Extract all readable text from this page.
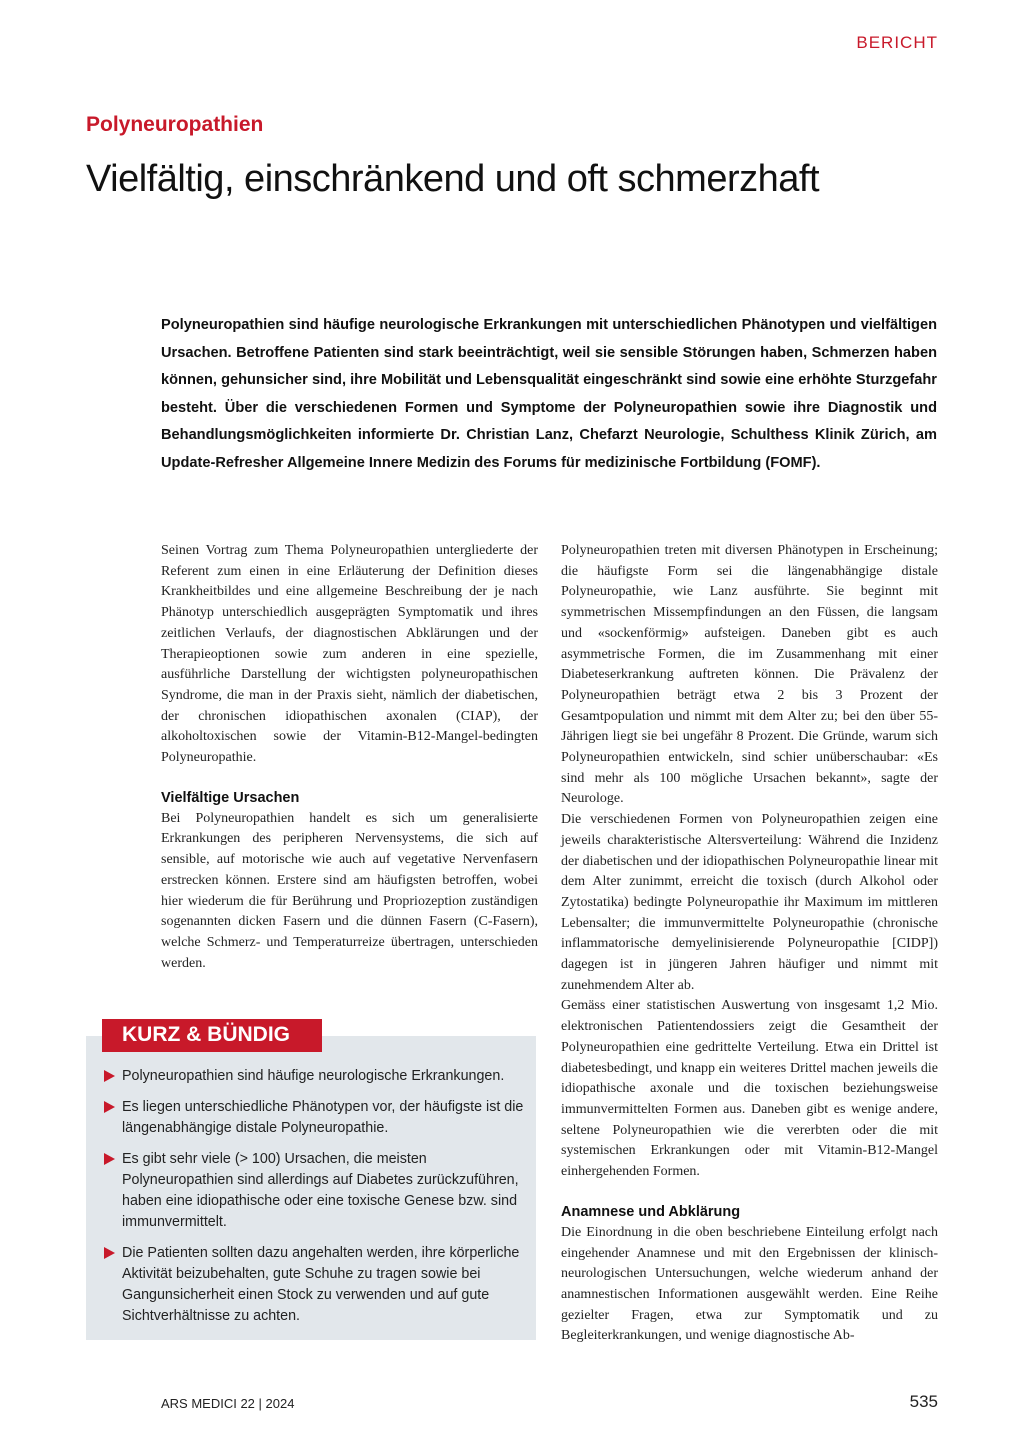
BERICHT
Polyneuropathien
Vielfältig, einschränkend und oft schmerzhaft
Polyneuropathien sind häufige neurologische Erkrankungen mit unterschiedlichen Phänotypen und vielfältigen Ursachen. Betroffene Patienten sind stark beeinträchtigt, weil sie sensible Störungen haben, Schmerzen haben können, gehunsicher sind, ihre Mobilität und Lebensqualität eingeschränkt sind sowie eine erhöhte Sturzgefahr besteht. Über die verschiedenen Formen und Symptome der Polyneuropathien sowie ihre Diagnostik und Behandlungsmöglichkeiten informierte Dr. Christian Lanz, Chefarzt Neurologie, Schulthess Klinik Zürich, am Update-Refresher Allgemeine Innere Medizin des Forums für medizinische Fortbildung (FOMF).

Seinen Vortrag zum Thema Polyneuropathien untergliederte der Referent zum einen in eine Erläuterung der Definition dieses Krankheitbildes und eine allgemeine Beschreibung der je nach Phänotyp unterschiedlich ausgeprägten Symptomatik und ihres zeitlichen Verlaufs, der diagnostischen Abklärungen und der Therapieoptionen sowie zum anderen in eine spezielle, ausführliche Darstellung der wichtigsten polyneuropathischen Syndrome, die man in der Praxis sieht, nämlich der diabetischen, der chronischen idiopathischen axonalen (CIAP), der alkoholtoxischen sowie der Vitamin-B12-Mangel-bedingten Polyneuropathie.

Vielfältige Ursachen

Bei Polyneuropathien handelt es sich um generalisierte Erkrankungen des peripheren Nervensystems, die sich auf sensible, auf motorische wie auch auf vegetative Nervenfasern erstrecken können. Erstere sind am häufigsten betroffen, wobei hier wiederum die für Berührung und Propriozeption zuständigen sogenannten dicken Fasern und die dünnen Fasern (C-Fasern), welche Schmerz- und Temperaturreize übertragen, unterschieden werden.

KURZ & BÜNDIG
Polyneuropathien sind häufige neurologische Erkrankungen.
Es liegen unterschiedliche Phänotypen vor, der häufigste ist die längenabhängige distale Polyneuropathie.
Es gibt sehr viele (> 100) Ursachen, die meisten Polyneuropathien sind allerdings auf Diabetes zurückzuführen, haben eine idiopathische oder eine toxische Genese bzw. sind immunvermittelt.
Die Patienten sollten dazu angehalten werden, ihre körperliche Aktivität beizubehalten, gute Schuhe zu tragen sowie bei Gangunsicherheit einen Stock zu verwenden und auf gute Sichtverhältnisse zu achten.

Polyneuropathien treten mit diversen Phänotypen in Erscheinung; die häufigste Form sei die längenabhängige distale Polyneuropathie, wie Lanz ausführte. Sie beginnt mit symmetrischen Missempfindungen an den Füssen, die langsam und «sockenförmig» aufsteigen. Daneben gibt es auch asymmetrische Formen, die im Zusammenhang mit einer Diabeteserkrankung auftreten können. Die Prävalenz der Polyneuropathien beträgt etwa 2 bis 3 Prozent der Gesamtpopulation und nimmt mit dem Alter zu; bei den über 55-Jährigen liegt sie bei ungefähr 8 Prozent. Die Gründe, warum sich Polyneuropathien entwickeln, sind schier unüberschaubar: «Es sind mehr als 100 mögliche Ursachen bekannt», sagte der Neurologe.

Die verschiedenen Formen von Polyneuropathien zeigen eine jeweils charakteristische Altersverteilung: Während die Inzidenz der diabetischen und der idiopathischen Polyneuropathie linear mit dem Alter zunimmt, erreicht die toxisch (durch Alkohol oder Zytostatika) bedingte Polyneuropathie ihr Maximum im mittleren Lebensalter; die immunvermittelte Polyneuropathie (chronische inflammatorische demyelinisierende Polyneuropathie [CIDP]) dagegen ist in jüngeren Jahren häufiger und nimmt mit zunehmendem Alter ab.

Gemäss einer statistischen Auswertung von insgesamt 1,2 Mio. elektronischen Patientendossiers zeigt die Gesamtheit der Polyneuropathien eine gedrittelte Verteilung. Etwa ein Drittel ist diabetesbedingt, und knapp ein weiteres Drittel machen jeweils die idiopathische axonale und die toxischen beziehungsweise immunvermittelten Formen aus. Daneben gibt es wenige andere, seltene Polyneuropathien wie die vererbten oder die mit systemischen Erkrankungen oder mit Vitamin-B12-Mangel einhergehenden Formen.

Anamnese und Abklärung

Die Einordnung in die oben beschriebene Einteilung erfolgt nach eingehender Anamnese und mit den Ergebnissen der klinisch-neurologischen Untersuchungen, welche wiederum anhand der anamnestischen Informationen ausgewählt werden. Eine Reihe gezielter Fragen, etwa zur Symptomatik und zu Begleiterkrankungen, und wenige diagnostische Ab-

ARS MEDICI 22 | 2024	535
